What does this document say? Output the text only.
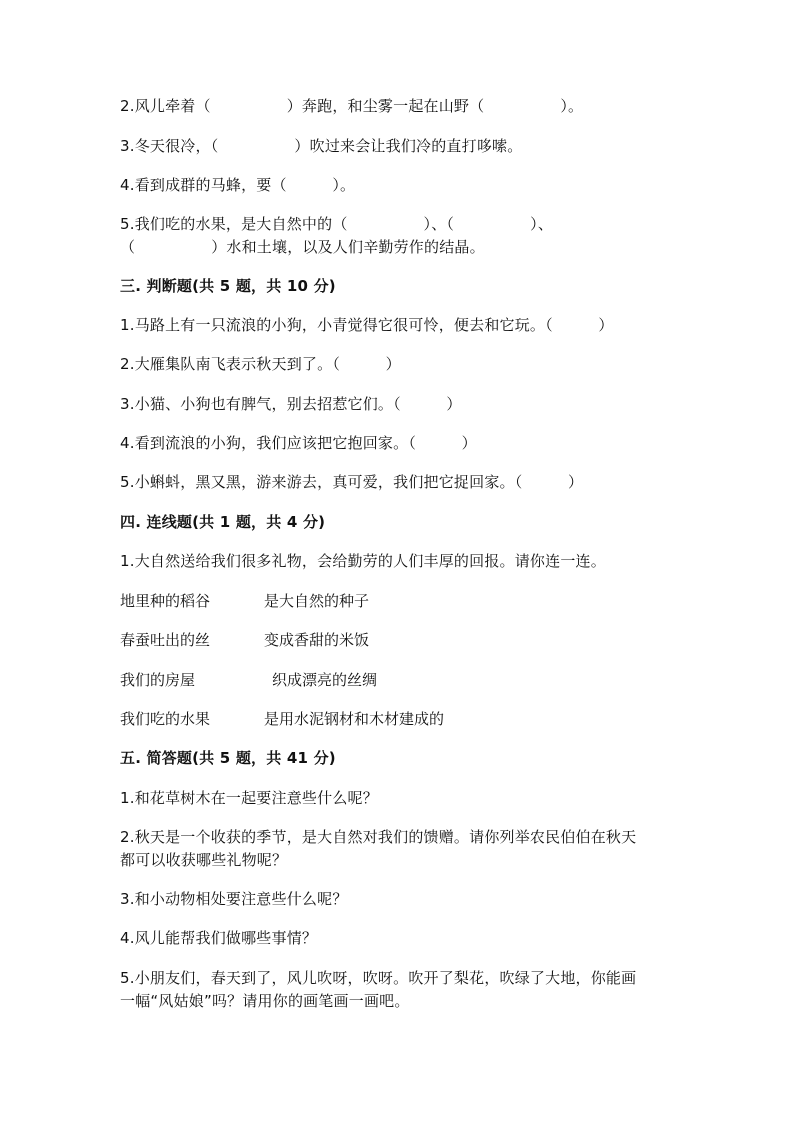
2.风儿牵着（　　　　　）奔跑，和尘雾一起在山野（　　　　　）。
3.冬天很冷，（　　　　　）吹过来会让我们冷的直打哆嗦。
4.看到成群的马蜂，要（　　　）。
5.我们吃的水果，是大自然中的（　　　　　）、（　　　　　）、
（　　　　　）水和土壤，以及人们辛勤劳作的结晶。
三. 判断题(共 5 题，共 10 分)
1.马路上有一只流浪的小狗，小青觉得它很可怜，便去和它玩。（　　　）
2.大雁集队南飞表示秋天到了。（　　　）
3.小猫、小狗也有脾气，别去招惹它们。（　　　）
4.看到流浪的小狗，我们应该把它抱回家。（　　　）
5.小蝌蚪，黑又黑，游来游去，真可爱，我们把它捉回家。（　　　）
四. 连线题(共 1 题，共 4 分)
1.大自然送给我们很多礼物，会给勤劳的人们丰厚的回报。请你连一连。
地里种的稻谷	是大自然的种子
春蚕吐出的丝	变成香甜的米饭
我们的房屋	织成漂亮的丝绸
我们吃的水果	是用水泥钢材和木材建成的
五. 简答题(共 5 题，共 41 分)
1.和花草树木在一起要注意些什么呢？
2.秋天是一个收获的季节，是大自然对我们的馈赠。请你列举农民伯伯在秋天
都可以收获哪些礼物呢？
3.和小动物相处要注意些什么呢？
4.风儿能帮我们做哪些事情？
5.小朋友们，春天到了，风儿吹呀，吹呀。吹开了梨花，吹绿了大地，你能画
一幅“风姑娘”吗？请用你的画笔画一画吧。
